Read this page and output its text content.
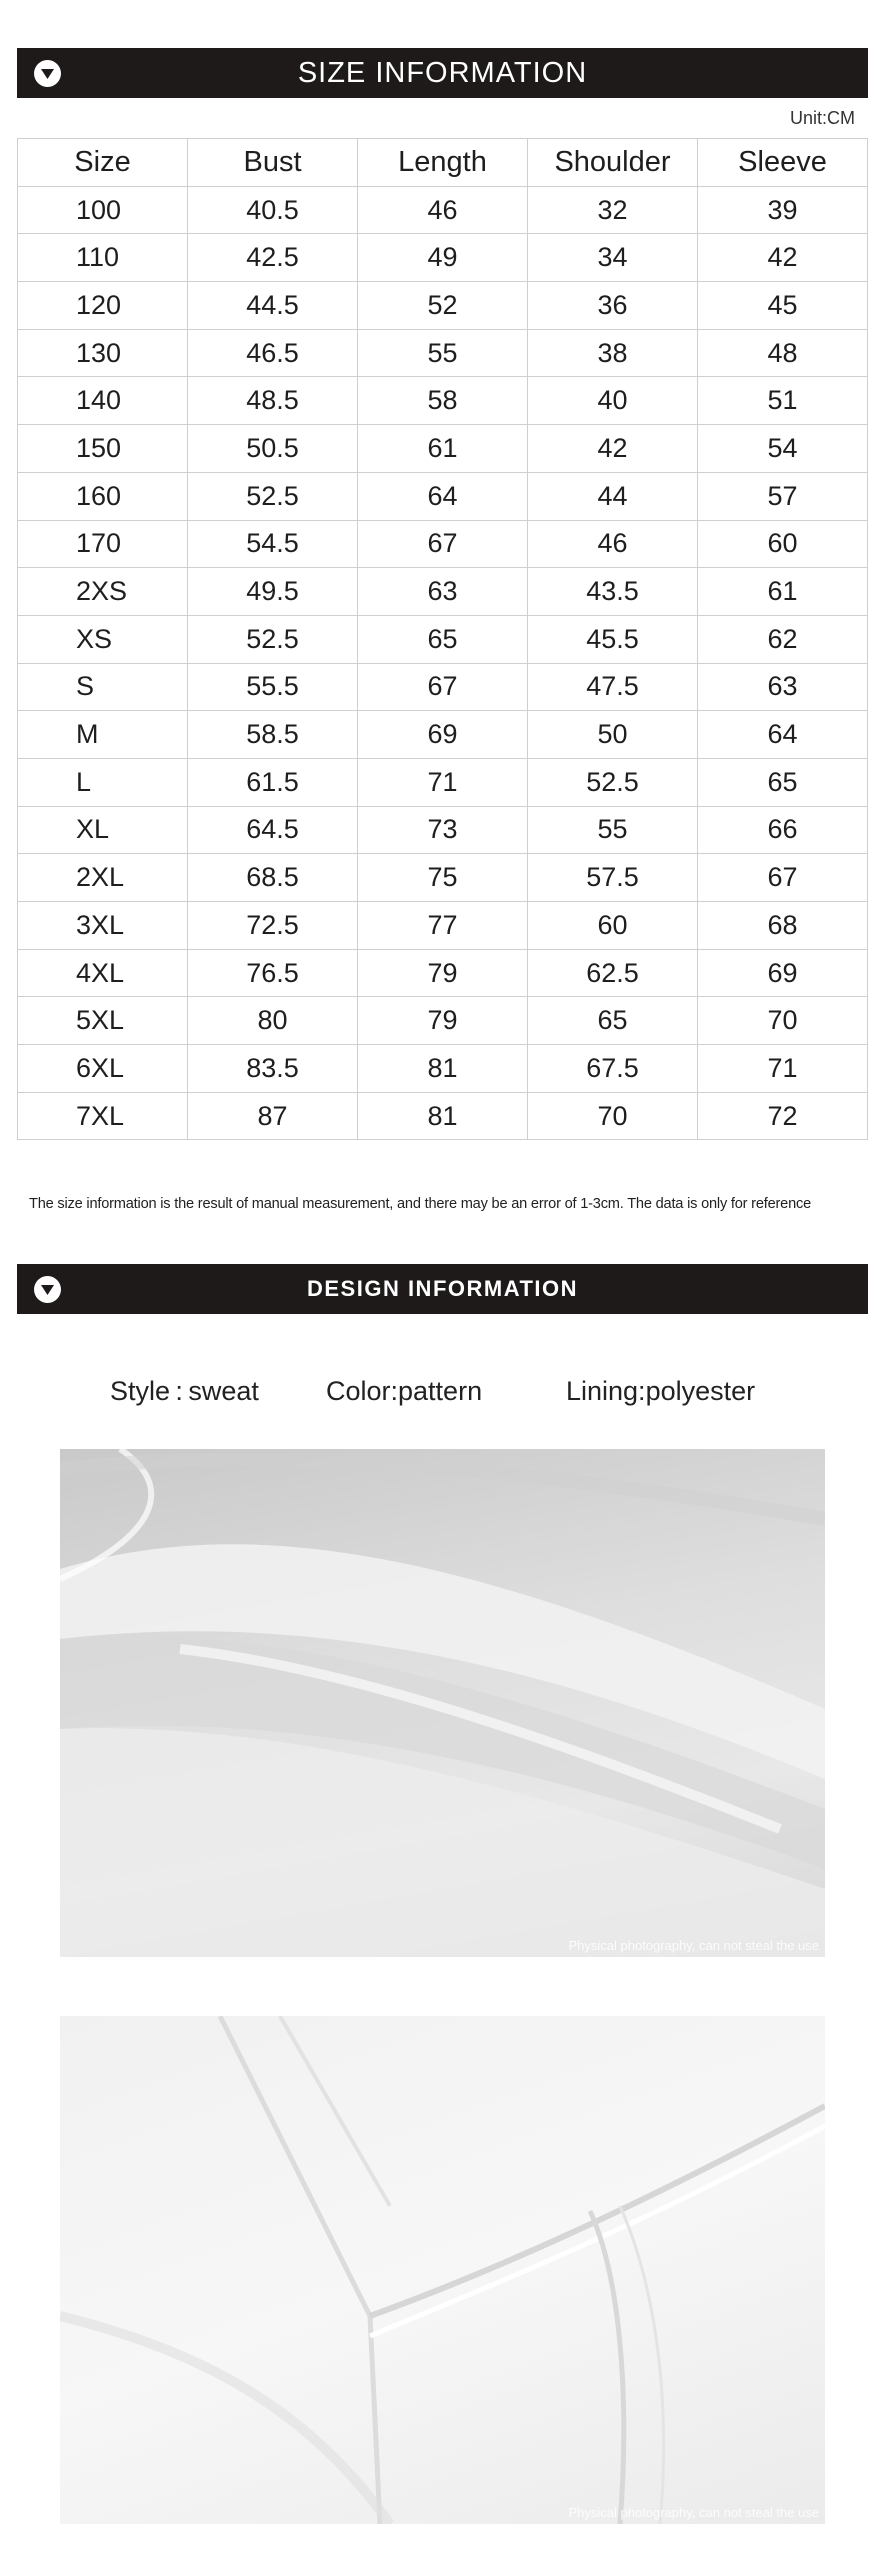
SIZE INFORMATION
Unit:CM
Size	Bust	Length	Shoulder	Sleeve
100	40.5	46	32	39
110	42.5	49	34	42
120	44.5	52	36	45
130	46.5	55	38	48
140	48.5	58	40	51
150	50.5	61	42	54
160	52.5	64	44	57
170	54.5	67	46	60
2XS	49.5	63	43.5	61
XS	52.5	65	45.5	62
S	55.5	67	47.5	63
M	58.5	69	50	64
L	61.5	71	52.5	65
XL	64.5	73	55	66
2XL	68.5	75	57.5	67
3XL	72.5	77	60	68
4XL	76.5	79	62.5	69
5XL	80	79	65	70
6XL	83.5	81	67.5	71
7XL	87	81	70	72
The size information is the result of manual measurement, and there may be an error of 1-3cm. The data is only for reference
DESIGN INFORMATION
Style : sweat Color:pattern	Lining:polyester
Physical photography, can not steal the use
Physical photography, can not steal the use
